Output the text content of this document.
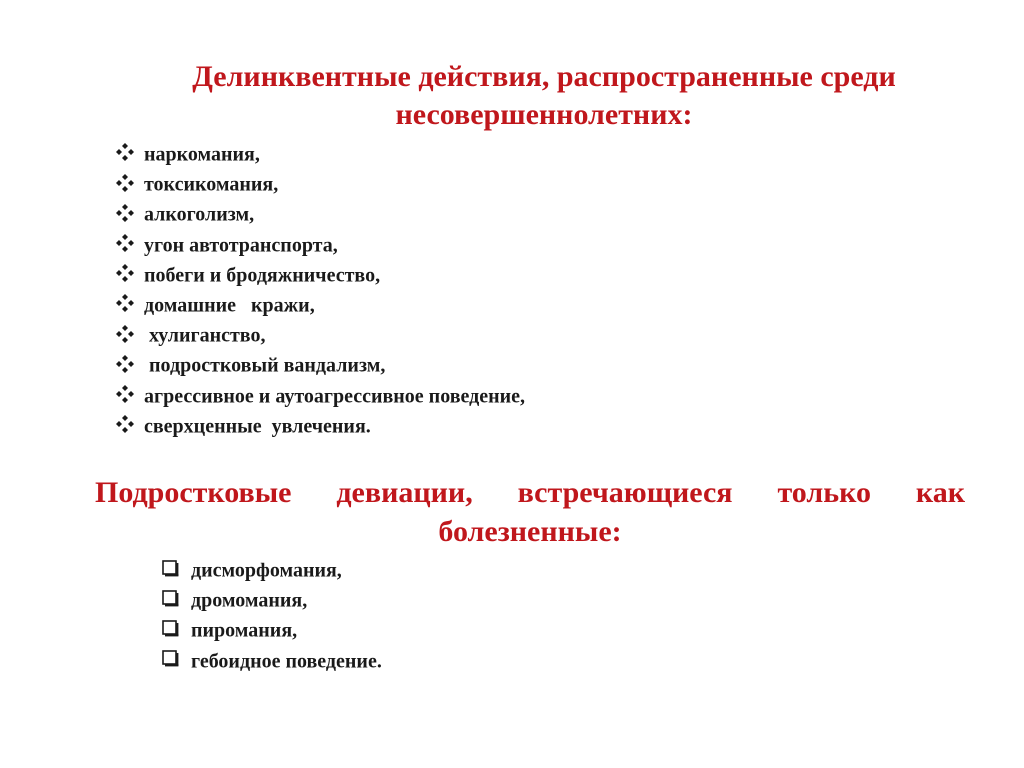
Делинквентные действия, распространенные среди
несовершеннолетних:
наркомания,
токсикомания,
алкоголизм,
угон автотранспорта,
побеги и бродяжничество,
домашние   кражи,
хулиганство,
подростковый вандализм,
агрессивное и аутоагрессивное поведение,
сверхценные  увлечения.
Подростковые девиации, встречающиеся только как
болезненные:
дисморфомания,
дромомания,
пиромания,
гебоидное поведение.
